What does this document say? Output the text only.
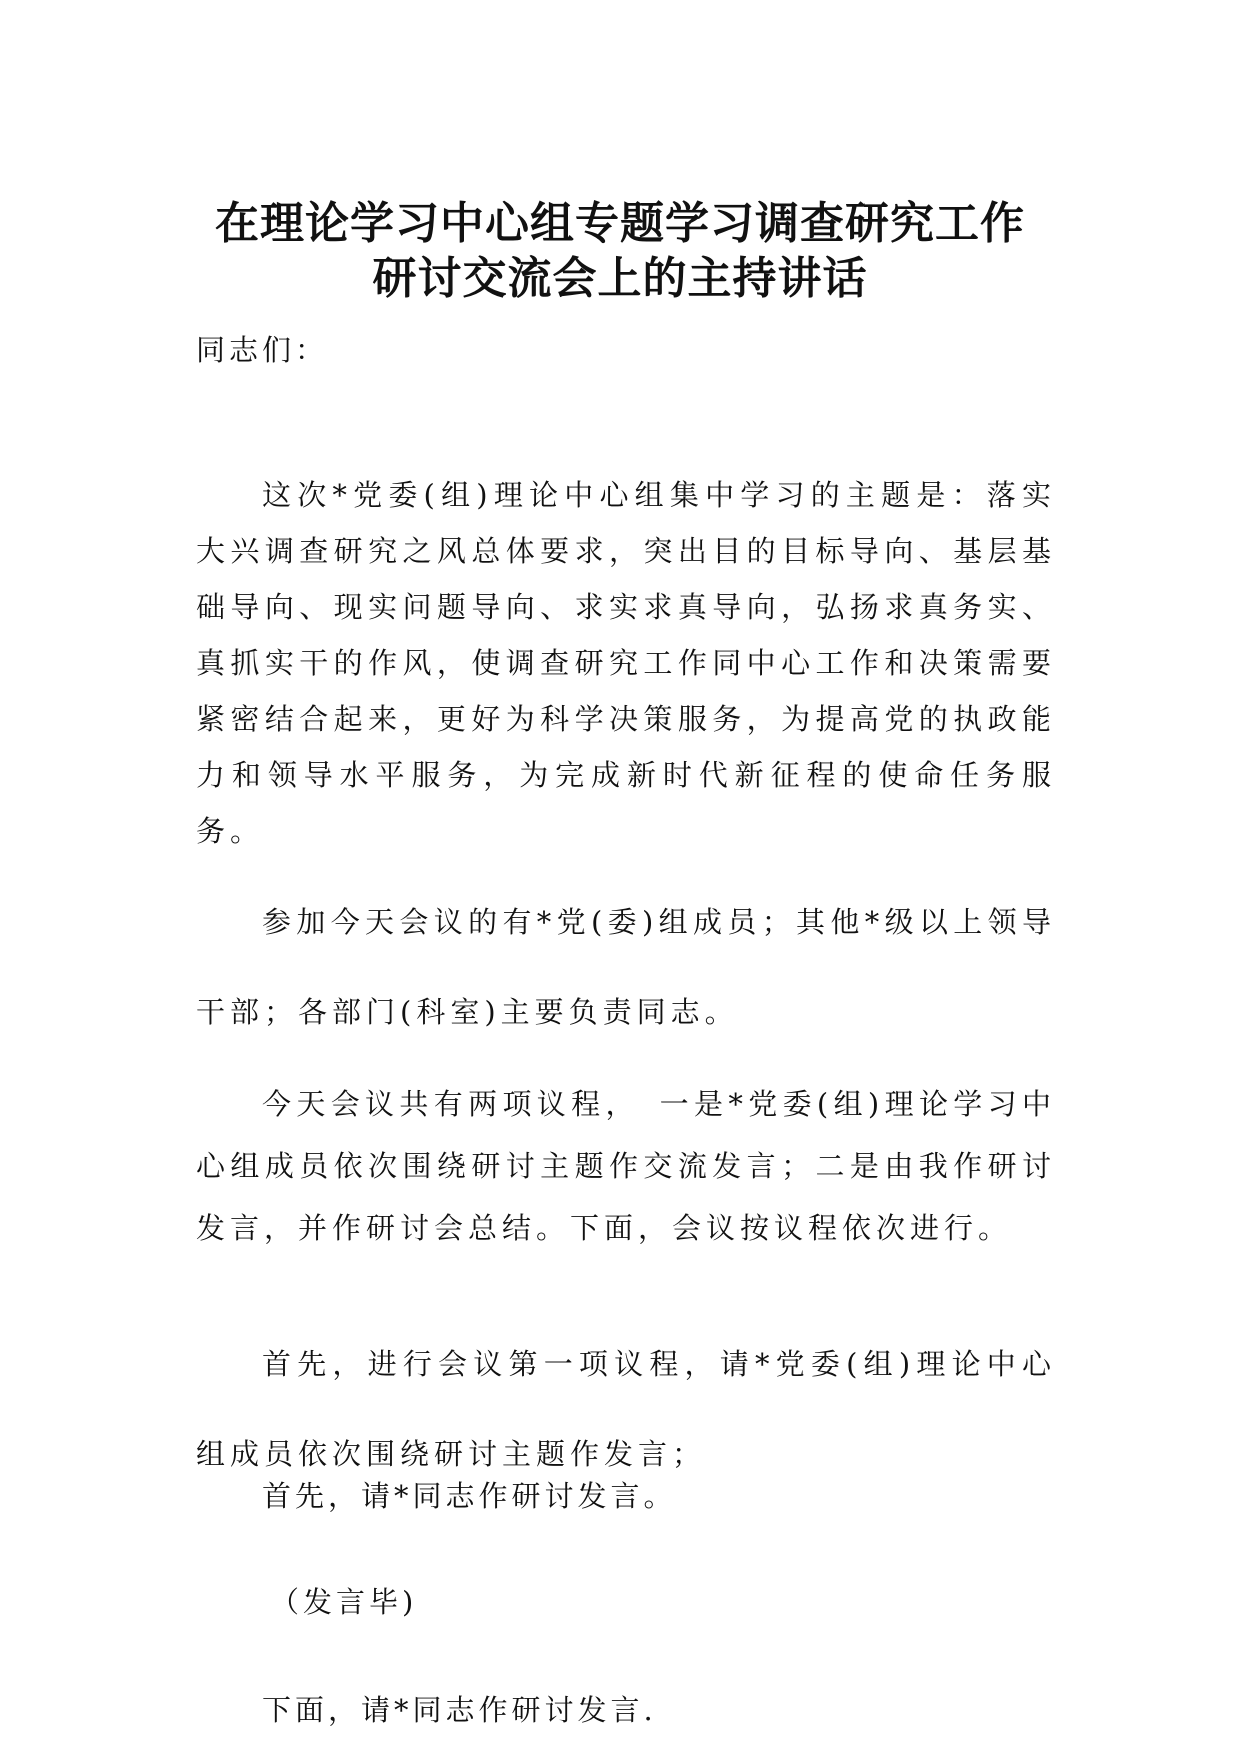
在理论学习中心组专题学习调查研究工作
研讨交流会上的主持讲话
同志们：

这次*党委(组)理论中心组集中学习的主题是：落实大兴调查研究之风总体要求，突出目的目标导向、基层基础导向、现实问题导向、求实求真导向，弘扬求真务实、真抓实干的作风，使调查研究工作同中心工作和决策需要紧密结合起来，更好为科学决策服务，为提高党的执政能力和领导水平服务，为完成新时代新征程的使命任务服务。

参加今天会议的有*党(委)组成员；其他*级以上领导干部；各部门(科室)主要负责同志。

今天会议共有两项议程，　一是*党委(组)理论学习中心组成员依次围绕研讨主题作交流发言；二是由我作研讨发言，并作研讨会总结。下面，会议按议程依次进行。

首先，进行会议第一项议程，请*党委(组)理论中心组成员依次围绕研讨主题作发言；

首先，请*同志作研讨发言。
（发言毕)
下面，请*同志作研讨发言.
